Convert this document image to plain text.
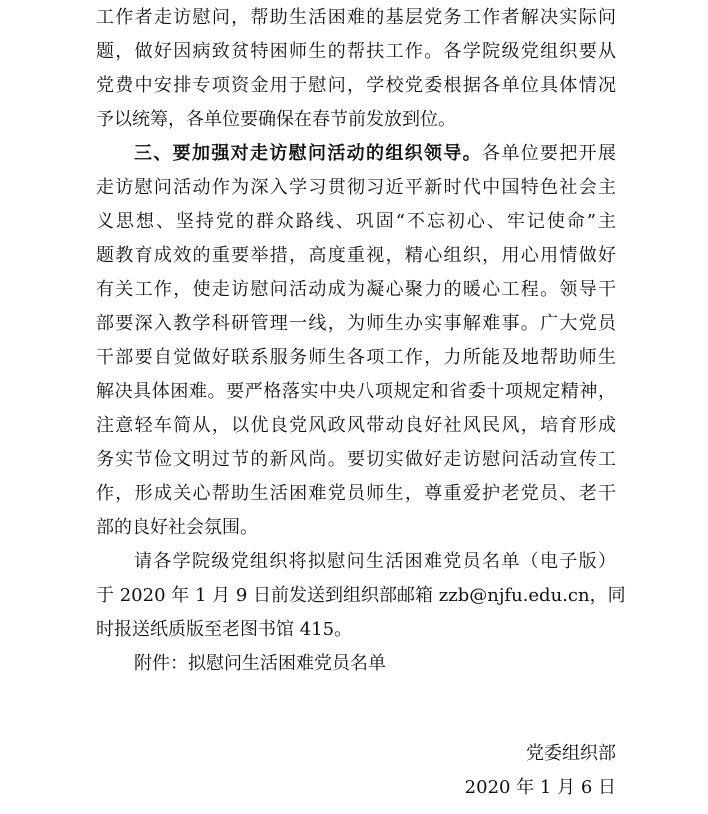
工作者走访慰问，帮助生活困难的基层党务工作者解决实际问
题，做好因病致贫特困师生的帮扶工作。各学院级党组织要从
党费中安排专项资金用于慰问，学校党委根据各单位具体情况
予以统筹，各单位要确保在春节前发放到位。
三、要加强对走访慰问活动的组织领导。各单位要把开展
走访慰问活动作为深入学习贯彻习近平新时代中国特色社会主
义思想、坚持党的群众路线、巩固“不忘初心、牢记使命”主
题教育成效的重要举措，高度重视，精心组织，用心用情做好
有关工作，使走访慰问活动成为凝心聚力的暖心工程。领导干
部要深入教学科研管理一线，为师生办实事解难事。广大党员
干部要自觉做好联系服务师生各项工作，力所能及地帮助师生
解决具体困难。要严格落实中央八项规定和省委十项规定精神，
注意轻车简从，以优良党风政风带动良好社风民风，培育形成
务实节俭文明过节的新风尚。要切实做好走访慰问活动宣传工
作，形成关心帮助生活困难党员师生，尊重爱护老党员、老干
部的良好社会氛围。
请各学院级党组织将拟慰问生活困难党员名单（电子版）
于 2020 年 1 月 9 日前发送到组织部邮箱 zzb@njfu.edu.cn，同
时报送纸质版至老图书馆 415。
附件：拟慰问生活困难党员名单
党委组织部
2020 年 1 月 6 日
